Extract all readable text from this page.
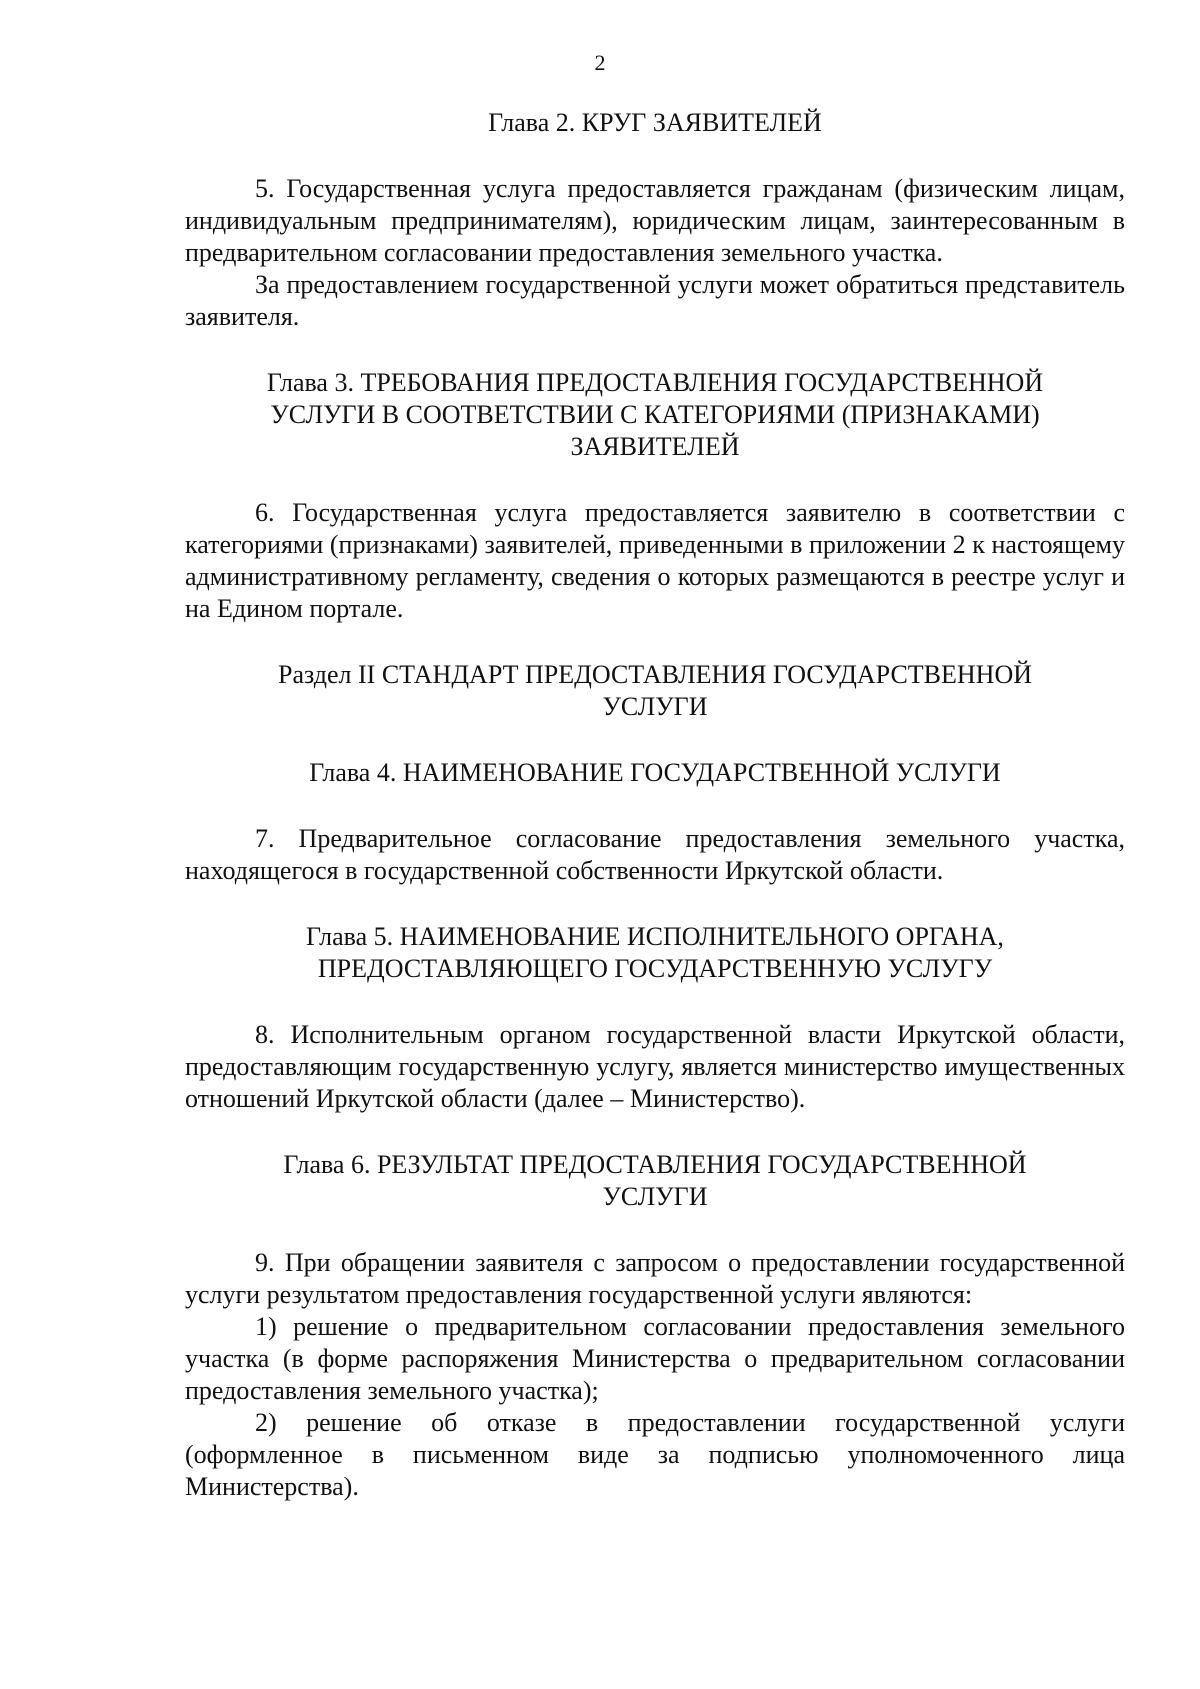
2
Глава 2. КРУГ ЗАЯВИТЕЛЕЙ

5. Государственная услуга предоставляется гражданам (физическим лицам, индивидуальным предпринимателям), юридическим лицам, заинтересованным в предварительном согласовании предоставления земельного участка.

За предоставлением государственной услуги может обратиться представитель заявителя.

Глава 3. ТРЕБОВАНИЯ ПРЕДОСТАВЛЕНИЯ ГОСУДАРСТВЕННОЙ
УСЛУГИ В СООТВЕТСТВИИ С КАТЕГОРИЯМИ (ПРИЗНАКАМИ)
ЗАЯВИТЕЛЕЙ

6. Государственная услуга предоставляется заявителю в соответствии с категориями (признаками) заявителей, приведенными в приложении 2 к настоящему административному регламенту, сведения о которых размещаются в реестре услуг и на Едином портале.

Раздел II СТАНДАРТ ПРЕДОСТАВЛЕНИЯ ГОСУДАРСТВЕННОЙ
УСЛУГИ
Глава 4. НАИМЕНОВАНИЕ ГОСУДАРСТВЕННОЙ УСЛУГИ

7. Предварительное согласование предоставления земельного участка, находящегося в государственной собственности Иркутской области.

Глава 5. НАИМЕНОВАНИЕ ИСПОЛНИТЕЛЬНОГО ОРГАНА,
ПРЕДОСТАВЛЯЮЩЕГО ГОСУДАРСТВЕННУЮ УСЛУГУ

8. Исполнительным органом государственной власти Иркутской области, предоставляющим государственную услугу, является министерство имущественных отношений Иркутской области (далее – Министерство).

Глава 6. РЕЗУЛЬТАТ ПРЕДОСТАВЛЕНИЯ ГОСУДАРСТВЕННОЙ
УСЛУГИ

9. При обращении заявителя с запросом о предоставлении государственной услуги результатом предоставления государственной услуги являются:

1) решение о предварительном согласовании предоставления земельного участка (в форме распоряжения Министерства о предварительном согласовании предоставления земельного участка);

2) решение об отказе в предоставлении государственной услуги (оформленное в письменном виде за подписью уполномоченного лица Министерства).
